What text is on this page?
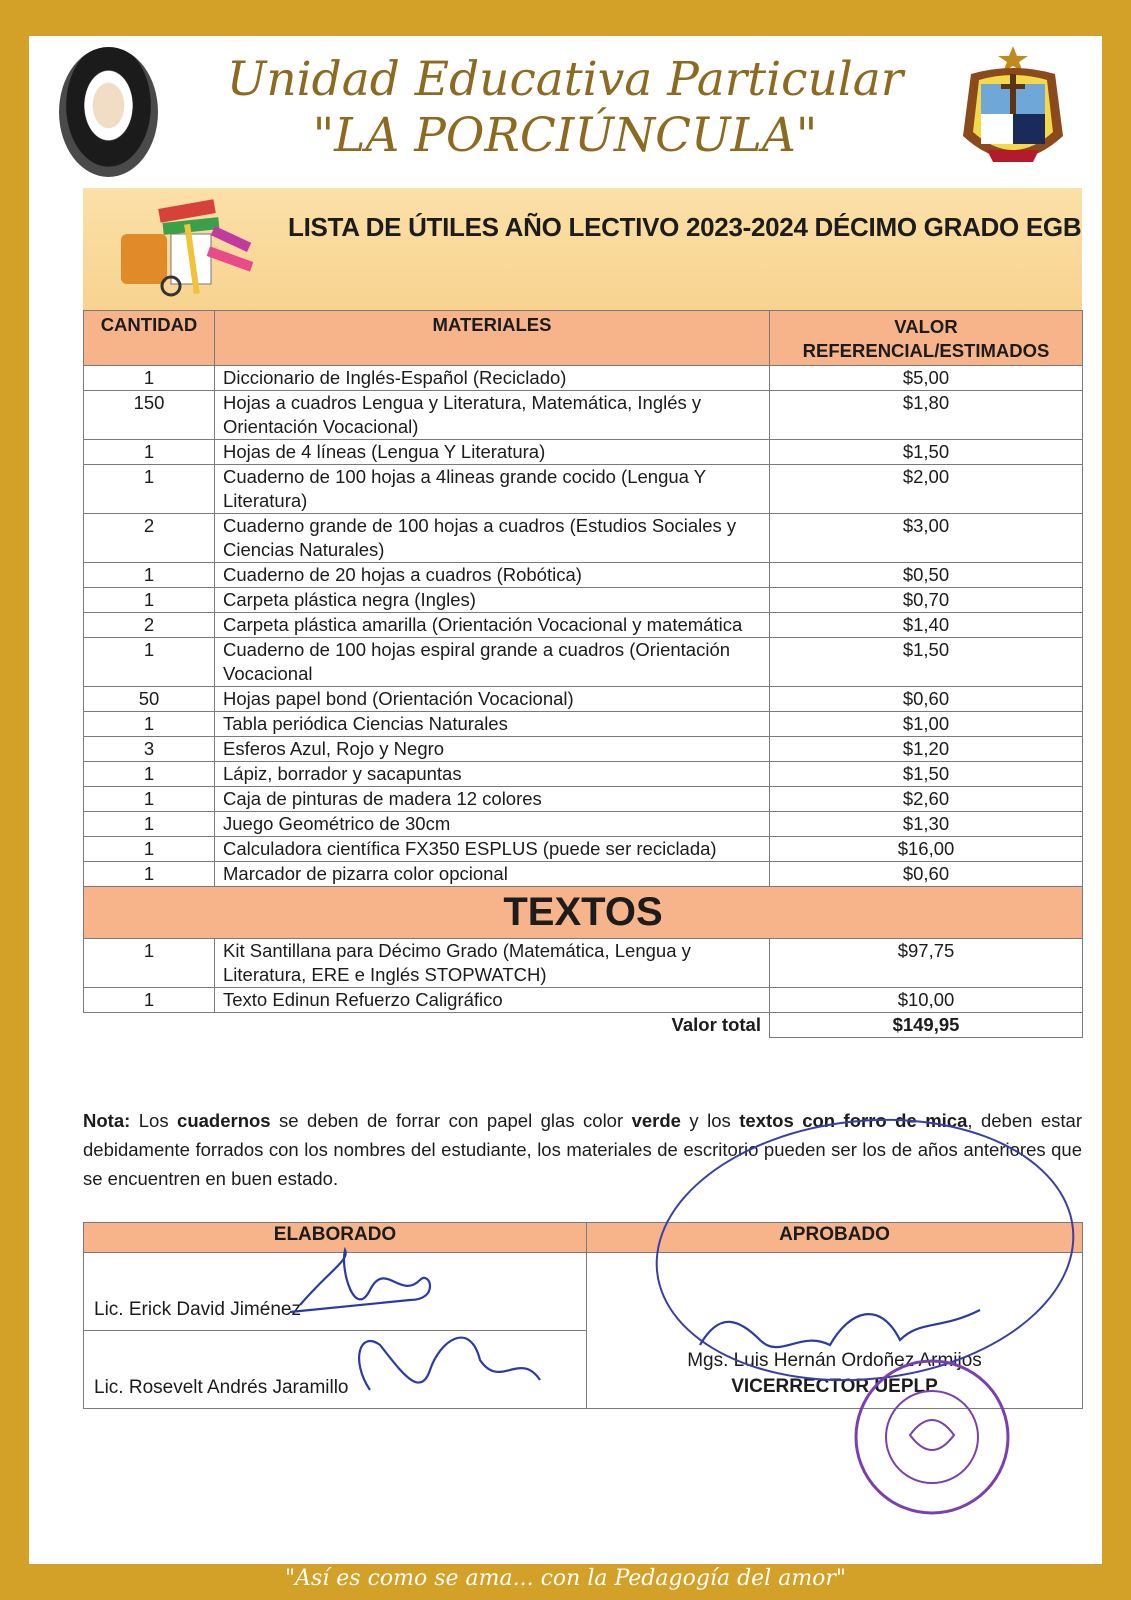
Unidad Educativa Particular
"LA PORCIÚNCULA"
LISTA DE ÚTILES AÑO LECTIVO 2023-2024 DÉCIMO GRADO EGB
CANTIDAD	MATERIALES	VALOR REFERENCIAL/ESTIMADOS
1	Diccionario de Inglés-Español (Reciclado)	$5,00
150	Hojas a cuadros Lengua y Literatura, Matemática, Inglés y Orientación Vocacional)	$1,80
1	Hojas de 4 líneas (Lengua Y Literatura)	$1,50
1	Cuaderno de 100 hojas a 4lineas grande cocido (Lengua Y Literatura)	$2,00
2	Cuaderno grande de 100 hojas a cuadros (Estudios Sociales y Ciencias Naturales)	$3,00
1	Cuaderno de 20 hojas a cuadros (Robótica)	$0,50
1	Carpeta plástica negra (Ingles)	$0,70
2	Carpeta plástica amarilla (Orientación Vocacional y matemática	$1,40
1	Cuaderno de 100 hojas espiral grande a cuadros (Orientación Vocacional	$1,50
50	Hojas papel bond (Orientación Vocacional)	$0,60
1	Tabla periódica Ciencias Naturales	$1,00
3	Esferos Azul, Rojo y Negro	$1,20
1	Lápiz, borrador y sacapuntas	$1,50
1	Caja de pinturas de madera 12 colores	$2,60
1	Juego Geométrico de 30cm	$1,30
1	Calculadora científica FX350 ESPLUS (puede ser reciclada)	$16,00
1	Marcador de pizarra color opcional	$0,60
TEXTOS		
1	Kit Santillana para Décimo Grado (Matemática, Lengua y Literatura, ERE e Inglés STOPWATCH)	$97,75
1	Texto Edinun Refuerzo Caligráfico	$10,00
Valor total		$149,95
Nota: Los cuadernos se deben de forrar con papel glas color verde y los textos con forro de mica, deben estar debidamente forrados con los nombres del estudiante, los materiales de escritorio pueden ser los de años anteriores que se encuentren en buen estado.
ELABORADO	APROBADO
Lic. Erick David Jiménez	Mgs. Luis Hernán Ordoñez Armijos
VICERRECTOR UEPLP

Lic. Rosevelt Andrés Jaramillo	
"Así es como se ama... con la Pedagogía del amor"
